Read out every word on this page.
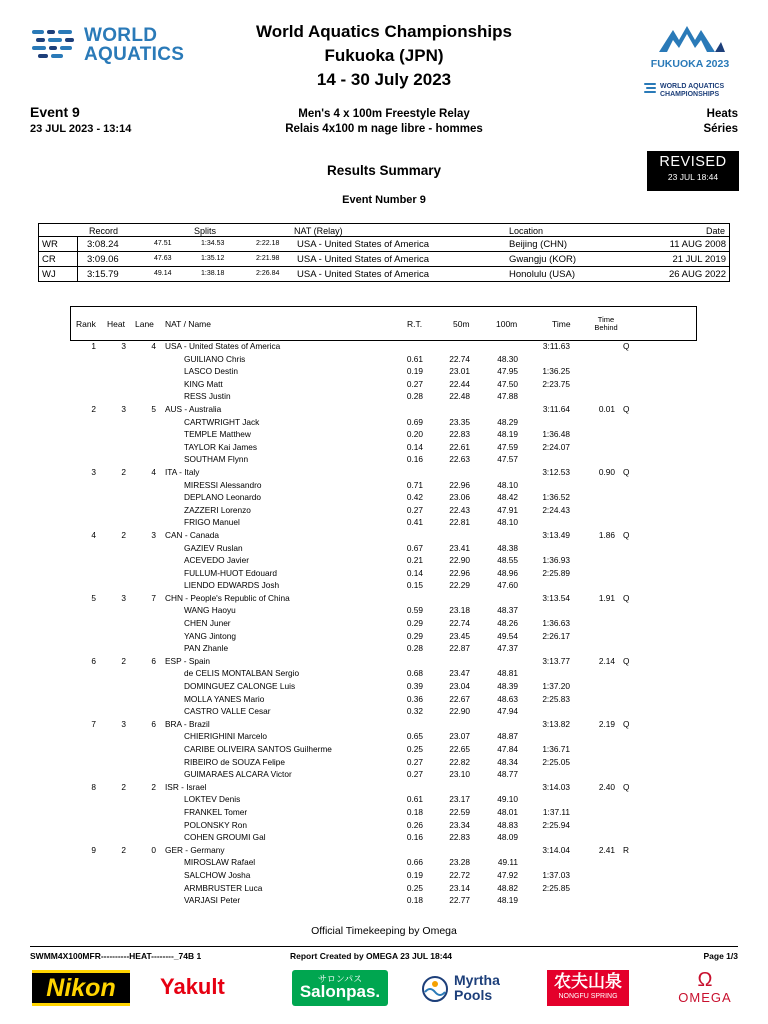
WORLD
AQUATICS
World Aquatics Championships
Fukuoka (JPN)
14 - 30 July 2023
FUKUOKA 2023
WORLD AQUATICS
CHAMPIONSHIPS
Event 9
23 JUL 2023 - 13:14
Men's 4 x 100m Freestyle Relay
Relais 4x100 m nage libre - hommes
Heats
Séries
Results Summary
REVISED
23 JUL 18:44
Event Number 9
Record	Splits	NAT (Relay)	Location	Date
WR	3:08.24	47.51	1:34.53	2:22.18 USA - United States of America	Beijing (CHN)	11 AUG 2008
CR	3:09.06	47.63	1:35.12	2:21.98 USA - United States of America	Gwangju (KOR)	21 JUL 2019
WJ	3:15.79	49.14	1:38.18	2:26.84 USA - United States of America	Honolulu (USA)	26 AUG 2022
Rank Heat Lane NAT / Name	R.T.	50m	100m	Time	Time
Behind
1	3	4 USA - United States of America	3:11.63	Q
GUILIANO Chris	0.61	22.74	48.30
LASCO Destin	0.19	23.01	47.95	1:36.25
KING Matt	0.27	22.44	47.50	2:23.75
RESS Justin	0.28	22.48	47.88
2	3	5 AUS - Australia	3:11.64	0.01 Q
CARTWRIGHT Jack	0.69	23.35	48.29
TEMPLE Matthew	0.20	22.83	48.19	1:36.48
TAYLOR Kai James	0.14	22.61	47.59	2:24.07
SOUTHAM Flynn	0.16	22.63	47.57
3	2	4 ITA - Italy	3:12.53	0.90 Q
MIRESSI Alessandro	0.71	22.96	48.10
DEPLANO Leonardo	0.42	23.06	48.42	1:36.52
ZAZZERI Lorenzo	0.27	22.43	47.91	2:24.43
FRIGO Manuel	0.41	22.81	48.10
4	2	3 CAN - Canada	3:13.49	1.86 Q
GAZIEV Ruslan	0.67	23.41	48.38
ACEVEDO Javier	0.21	22.90	48.55	1:36.93
FULLUM-HUOT Edouard	0.14	22.96	48.96	2:25.89
LIENDO EDWARDS Josh	0.15	22.29	47.60
5	3	7 CHN - People's Republic of China	3:13.54	1.91 Q
WANG Haoyu	0.59	23.18	48.37
CHEN Juner	0.29	22.74	48.26	1:36.63
YANG Jintong	0.29	23.45	49.54	2:26.17
PAN Zhanle	0.28	22.87	47.37
6	2	6 ESP - Spain	3:13.77	2.14 Q
de CELIS MONTALBAN Sergio	0.68	23.47	48.81
DOMINGUEZ CALONGE Luis	0.39	23.04	48.39	1:37.20
MOLLA YANES Mario	0.36	22.67	48.63	2:25.83
CASTRO VALLE Cesar	0.32	22.90	47.94
7	3	6 BRA - Brazil	3:13.82	2.19 Q
CHIERIGHINI Marcelo	0.65	23.07	48.87
CARIBE OLIVEIRA SANTOS Guilherme	0.25	22.65	47.84	1:36.71
RIBEIRO de SOUZA Felipe	0.27	22.82	48.34	2:25.05
GUIMARAES ALCARA Victor	0.27	23.10	48.77
8	2	2 ISR - Israel	3:14.03	2.40 Q
LOKTEV Denis	0.61	23.17	49.10
FRANKEL Tomer	0.18	22.59	48.01	1:37.11
POLONSKY Ron	0.26	23.34	48.83	2:25.94
COHEN GROUMI Gal	0.16	22.83	48.09
9	2	0 GER - Germany	3:14.04	2.41 R
MIROSLAW Rafael	0.66	23.28	49.11
SALCHOW Josha	0.19	22.72	47.92	1:37.03
ARMBRUSTER Luca	0.25	23.14	48.82	2:25.85
VARJASI Peter	0.18	22.77	48.19
Official Timekeeping by Omega
SWMM4X100MFR----------HEAT--------_74B 1	Report Created by OMEGA 23 JUL 18:44	Page 1/3
Nikon	Yakult	サロンパス
Salonpas.
Myrtha
Pools
农夫山泉
NONGFU SPRING
Ω
OMEGA
